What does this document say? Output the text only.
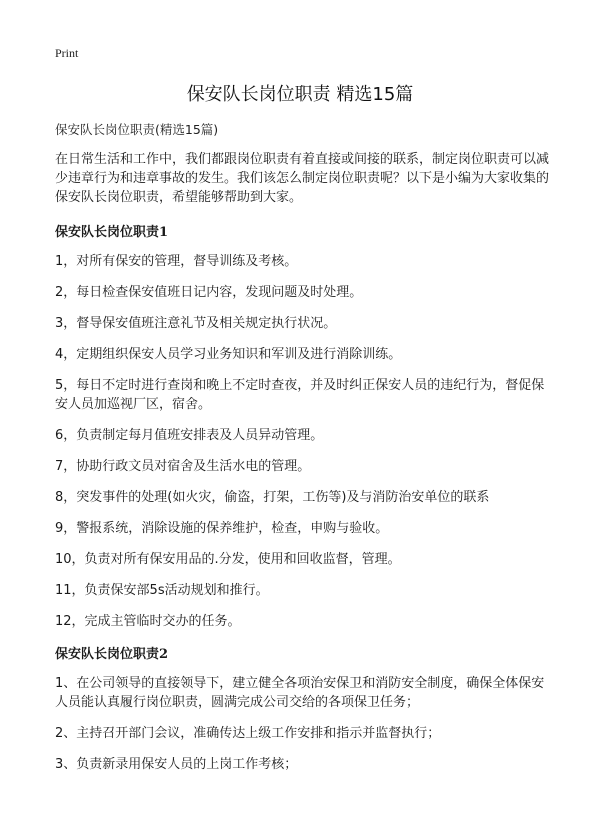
Print
保安队长岗位职责 精选15篇

保安队长岗位职责(精选15篇)

在日常生活和工作中，我们都跟岗位职责有着直接或间接的联系，制定岗位职责可以减少违章行为和违章事故的发生。我们该怎么制定岗位职责呢？以下是小编为大家收集的保安队长岗位职责，希望能够帮助到大家。

保安队长岗位职责1

1，对所有保安的管理，督导训练及考核。

2，每日检查保安值班日记内容，发现问题及时处理。

3，督导保安值班注意礼节及相关规定执行状况。

4，定期组织保安人员学习业务知识和军训及进行消除训练。

5，每日不定时进行查岗和晚上不定时查夜，并及时纠正保安人员的违纪行为，督促保安人员加巡视厂区，宿舍。

6，负责制定每月值班安排表及人员异动管理。

7，协助行政文员对宿舍及生活水电的管理。

8，突发事件的处理(如火灾，偷盗，打架，工伤等)及与消防治安单位的联系

9，警报系统，消除设施的保养维护，检查，申购与验收。

10，负责对所有保安用品的.分发，使用和回收监督，管理。

11，负责保安部5s活动规划和推行。

12，完成主管临时交办的任务。

保安队长岗位职责2

1、在公司领导的直接领导下，建立健全各项治安保卫和消防安全制度，确保全体保安人员能认真履行岗位职责，圆满完成公司交给的各项保卫任务；

2、主持召开部门会议，准确传达上级工作安排和指示并监督执行；

3、负责新录用保安人员的上岗工作考核；
